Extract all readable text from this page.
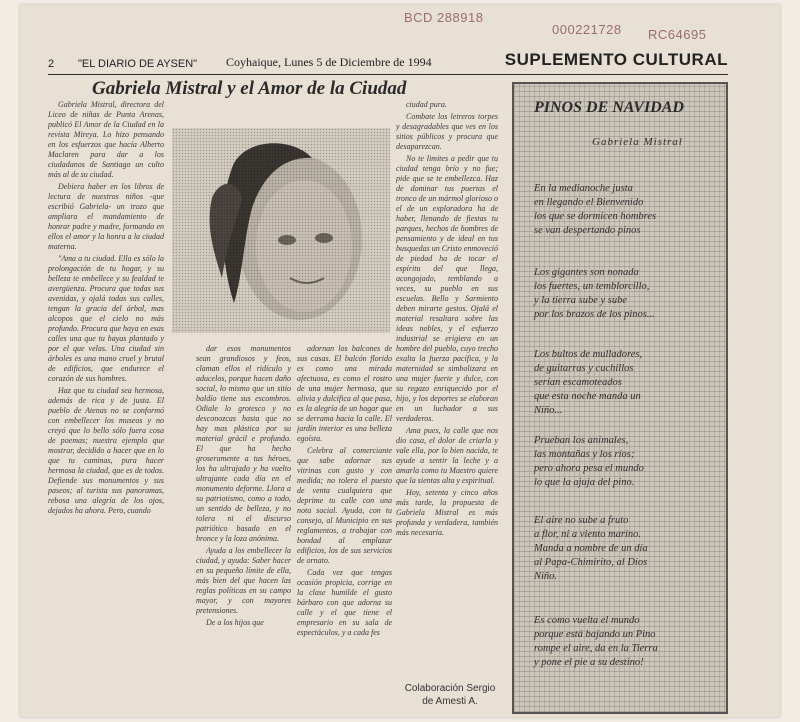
BCD 288918
000221728 RC64695
2 "EL DIARIO DE AYSEN" Coyhaique, Lunes 5 de Diciembre de 1994	SUPLEMENTO CULTURAL
Gabriela Mistral y el Amor de la Ciudad

Gabriela Mistral, directora del Liceo de niñas de Punta Arenas, publicó El Amor de la Ciudad en la revista Mireya. Lo hizo pensando en los esfuerzos que hacía Alberto Maclaren para dar a los ciudadanos de Santiago un culto más al de su ciudad.

Debiera haber en los libros de lectura de nuestros niños -que escribió Gabriela- un trozo que ampliara el mandamiento de honrar padre y madre, formando en ellos el amor y la honra a la ciudad materna.

"Ama a tu ciudad. Ella es sólo la prolongación de tu hogar, y su belleza te embellece y su fealdad te avergüenza. Procura que todas sus avenidas, y ojalá todas sus calles, tengan la gracia del árbol, mas alcopos que el cielo no más profundo. Procura que haya en esas calles una que tu hayas plantado y por el que velas. Una ciudad sin árboles es una mano cruel y brutal de edificios, que endurece el corazón de sus hombres.

Haz que tu ciudad sea hermosa, además de rica y de justa. El pueblo de Atenas no se conformó con embellecer los museos y no creyó que lo bello sólo fuera cosa de poemas; nuestra ejemplo que mostrar, decidido a hacer que en lo que tu caminas, pura hacer hermosa la ciudad, que es de todos. Defiende sus monumentos y sus paseos; al turista sus panoramas, rebosa una alegría de los ojos, dejados ha ahora. Pero, cuando

dar esos monumentos sean grandiosos y feos, claman ellos el ridículo y aducelos, porque hacen daño social, lo mismo que un sitio baldío tiene sus escombros. Odiale lo grotesco y no desconozcas hasta que no hay mas plástica por su material grácil e profundo. El que ha hecho groseramente a tus héroes, los ha ultrajado y ha vuelto ultrajante cada día en el monumento deforme. Llora a su patriotismo, como a todo, un sentido de belleza, y no tolera ni el discurso patriótico basado en el bronce y la loza anónima.

Ayuda a los embellecer la ciudad, y ayuda: Saber hacer en su pequeño límite de ella, más bien del que hacen las reglas políticas en su campo mayor, y con mayores pretensiones.

De a los hijos que

adornan los balcones de sus casas. El balcón florido es como una mirada afectuosa, es como el rostro de una mujer hermosa, que alivia y dulcifica al que pasa, es la alegría de un hogar que se derrama hacia la calle. El jardín interior es una belleza egoísta.

Celebra al comerciante que sabe adornar sus vitrinas con gusto y con medida; no tolera el puesto de venta cualquiera que deprime tu calle con una nota social. Ayuda, con tu consejo, al Municipio en sus reglamentos, a trabajar con bondad al emplazar edificios, los de sus servicios de ornato.

Cada vez que tengas ocasión propicia, corrige en la clase humilde el gusto bárbaro con que adorna su calle y el que tiene el empresario en su sala de espectáculos, y a cada fes

ciudad pura.

Combate los letreros torpes y desagradables que ves en los sitios públicos y procura que desaparezcan.

No te limites a pedir que tu ciudad tenga brío y no fue; pide que se te embellezca. Haz de dominar tus puertas el tronco de un mármol glorioso o el de un exploradora ha de haber, llenando de fiestas tu parques, hechos de hombres de pensamiento y de ideal en tus busquedas un Cristo enmoveció de piedad ha de tocar el espíritu del que llega, acongojado, temblando a veces, su pueblo en sus escuelas. Bello y Sarmiento deben mirarte gestos. Ojalá el material resaltara sobre las ideas nobles, y el esfuerzo industrial se erigiera en un hombre del pueblo, cuyo trecho exalta la fuerza pacífica, y la maternidad se simbolizara en una mujer fuerte y dulce, con su regazo enriquecido por el hijo, y los deportes se elaboran en un luchador a sus verdaderos.

Ama pues, la calle que nos dio casa, el dolor de criarla y vale ella, por lo bien nacida, te ayude a sentir la leche y a amarla como tu Maestro quiere que la sientas alta y espiritual.

Hoy, setenta y cinco años más tarde, la propuesta de Gabriela Mistral es más profunda y verdadera, también más necesaria.

Colaboración Sergio
de Amesti A.
PINOS DE NAVIDAD
Gabriela Mistral
En la medianoche justa
en llegando el Bienvenido
los que se dormicen hombres
se van despertando pinos
Los gigantes son nonada
los fuertes, un temblorcillo,
y la tierra sube y sube
por los brazos de los pinos...
Los bultos de mulladores,
de guitarras y cuchillos
serían escamoteados
que esta noche manda un
Niño...
Prueban los animales,
las montañas y los ríos;
pero ahora pesa el mundo
lo que la ajuja del pino.
El aire no sube a fruto
a flor, ni a viento marino.
Manda a nombre de un día
al Papa-Chimirito, al Dios
Niño.
Es como vuelta el mundo
porque está bajando un Pino
rompe el aire, da en la Tierra
y pone el pie a su destino!
